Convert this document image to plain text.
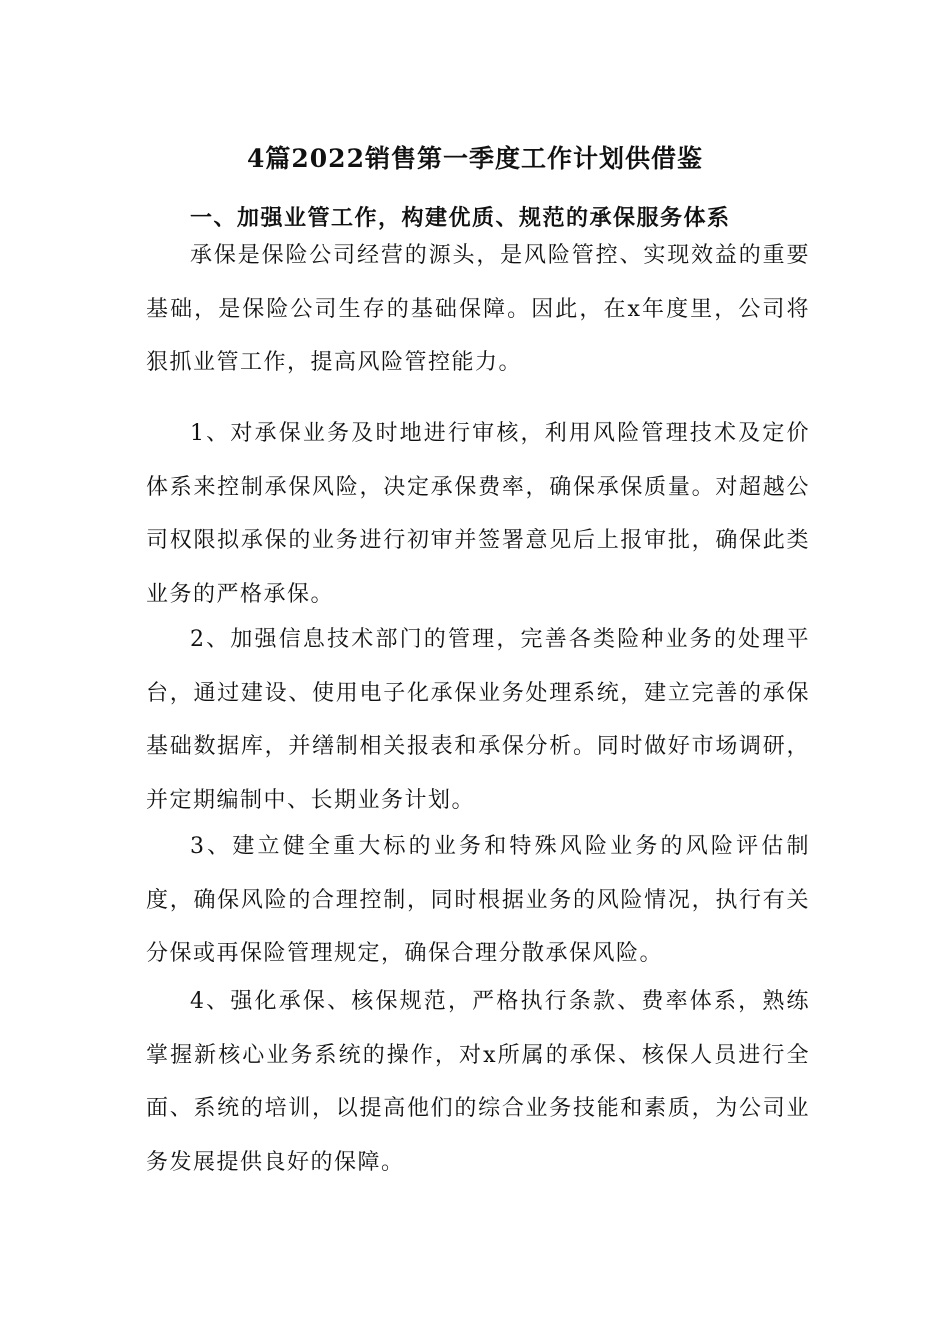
4篇2022销售第一季度工作计划供借鉴
一、加强业管工作，构建优质、规范的承保服务体系

承保是保险公司经营的源头，是风险管控、实现效益的重要基础，是保险公司生存的基础保障。因此，在x年度里，公司将狠抓业管工作，提高风险管控能力。

1、对承保业务及时地进行审核，利用风险管理技术及定价体系来控制承保风险，决定承保费率，确保承保质量。对超越公司权限拟承保的业务进行初审并签署意见后上报审批，确保此类业务的严格承保。

2、加强信息技术部门的管理，完善各类险种业务的处理平台，通过建设、使用电子化承保业务处理系统，建立完善的承保基础数据库，并缮制相关报表和承保分析。同时做好市场调研，并定期编制中、长期业务计划。

3、建立健全重大标的业务和特殊风险业务的风险评估制度，确保风险的合理控制，同时根据业务的风险情况，执行有关分保或再保险管理规定，确保合理分散承保风险。

4、强化承保、核保规范，严格执行条款、费率体系，熟练掌握新核心业务系统的操作，对x所属的承保、核保人员进行全面、系统的培训，以提高他们的综合业务技能和素质，为公司业务发展提供良好的保障。
